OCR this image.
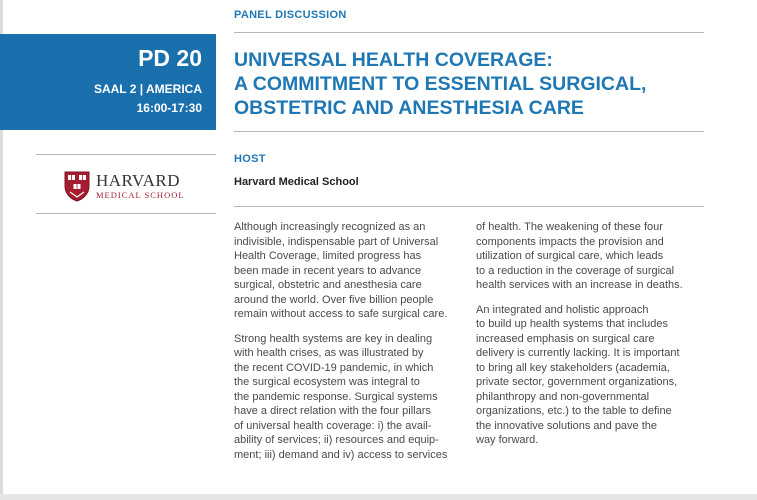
PANEL DISCUSSION
PD 20
SAAL 2 | AMERICA
16:00-17:30
UNIVERSAL HEALTH COVERAGE:
A COMMITMENT TO ESSENTIAL SURGICAL,
OBSTETRIC AND ANESTHESIA CARE
HARVARD
MEDICAL SCHOOL
HOST
Harvard Medical School
Although increasingly recognized as an
indivisible, indispensable part of Universal
Health Coverage, limited progress has
been made in recent years to advance
surgical, obstetric and anesthesia care
around the world. Over five billion people
remain without access to safe surgical care.
Strong health systems are key in dealing
with health crises, as was illustrated by
the recent COVID-19 pandemic, in which
the surgical ecosystem was integral to
the pandemic response. Surgical systems
have a direct relation with the four pillars
of universal health coverage: i) the avail-
ability of services; ii) resources and equip-
ment; iii) demand and iv) access to services
of health. The weakening of these four
components impacts the provision and
utilization of surgical care, which leads
to a reduction in the coverage of surgical
health services with an increase in deaths.
An integrated and holistic approach
to build up health systems that includes
increased emphasis on surgical care
delivery is currently lacking. It is important
to bring all key stakeholders (academia,
private sector, government organizations,
philanthropy and non-governmental
organizations, etc.) to the table to define
the innovative solutions and pave the
way forward.
